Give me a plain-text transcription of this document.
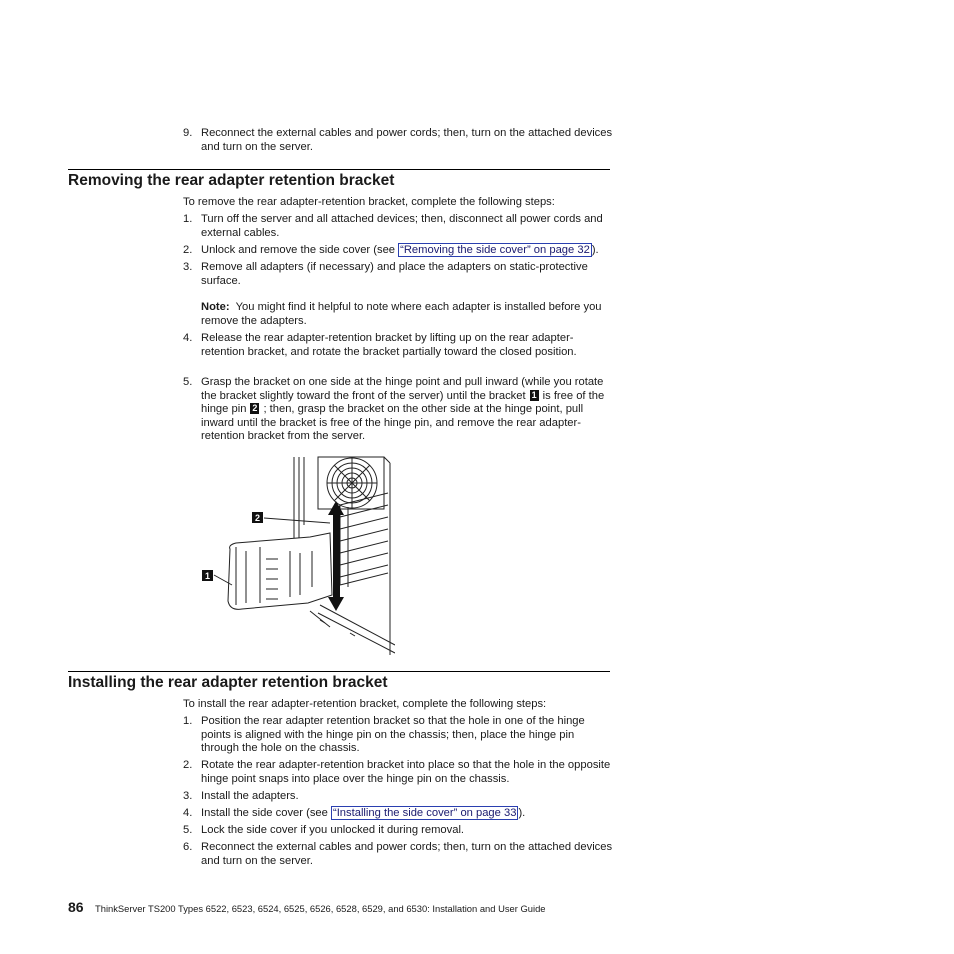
9. Reconnect the external cables and power cords; then, turn on the attached devices and turn on the server.
Removing the rear adapter retention bracket
To remove the rear adapter-retention bracket, complete the following steps:
1. Turn off the server and all attached devices; then, disconnect all power cords and external cables.
2. Unlock and remove the side cover (see “Removing the side cover” on page 32 ).
3. Remove all adapters (if necessary) and place the adapters on static-protective surface.
Note: You might find it helpful to note where each adapter is installed before you remove the adapters.
4. Release the rear adapter-retention bracket by lifting up on the rear adapter-retention bracket, and rotate the bracket partially toward the closed position.
5. Grasp the bracket on one side at the hinge point and pull inward (while you rotate the bracket slightly toward the front of the server) until the bracket 1 is free of the hinge pin 2 ; then, grasp the bracket on the other side at the hinge point, pull inward until the bracket is free of the hinge pin, and remove the rear adapter-retention bracket from the server.
2
1
Installing the rear adapter retention bracket
To install the rear adapter-retention bracket, complete the following steps:
1. Position the rear adapter retention bracket so that the hole in one of the hinge points is aligned with the hinge pin on the chassis; then, place the hinge pin through the hole on the chassis.
2. Rotate the rear adapter-retention bracket into place so that the hole in the opposite hinge point snaps into place over the hinge pin on the chassis.
3. Install the adapters.
4. Install the side cover (see “Installing the side cover” on page 33 ).
5. Lock the side cover if you unlocked it during removal.
6. Reconnect the external cables and power cords; then, turn on the attached devices and turn on the server.
86 ThinkServer TS200 Types 6522, 6523, 6524, 6525, 6526, 6528, 6529, and 6530: Installation and User Guide
